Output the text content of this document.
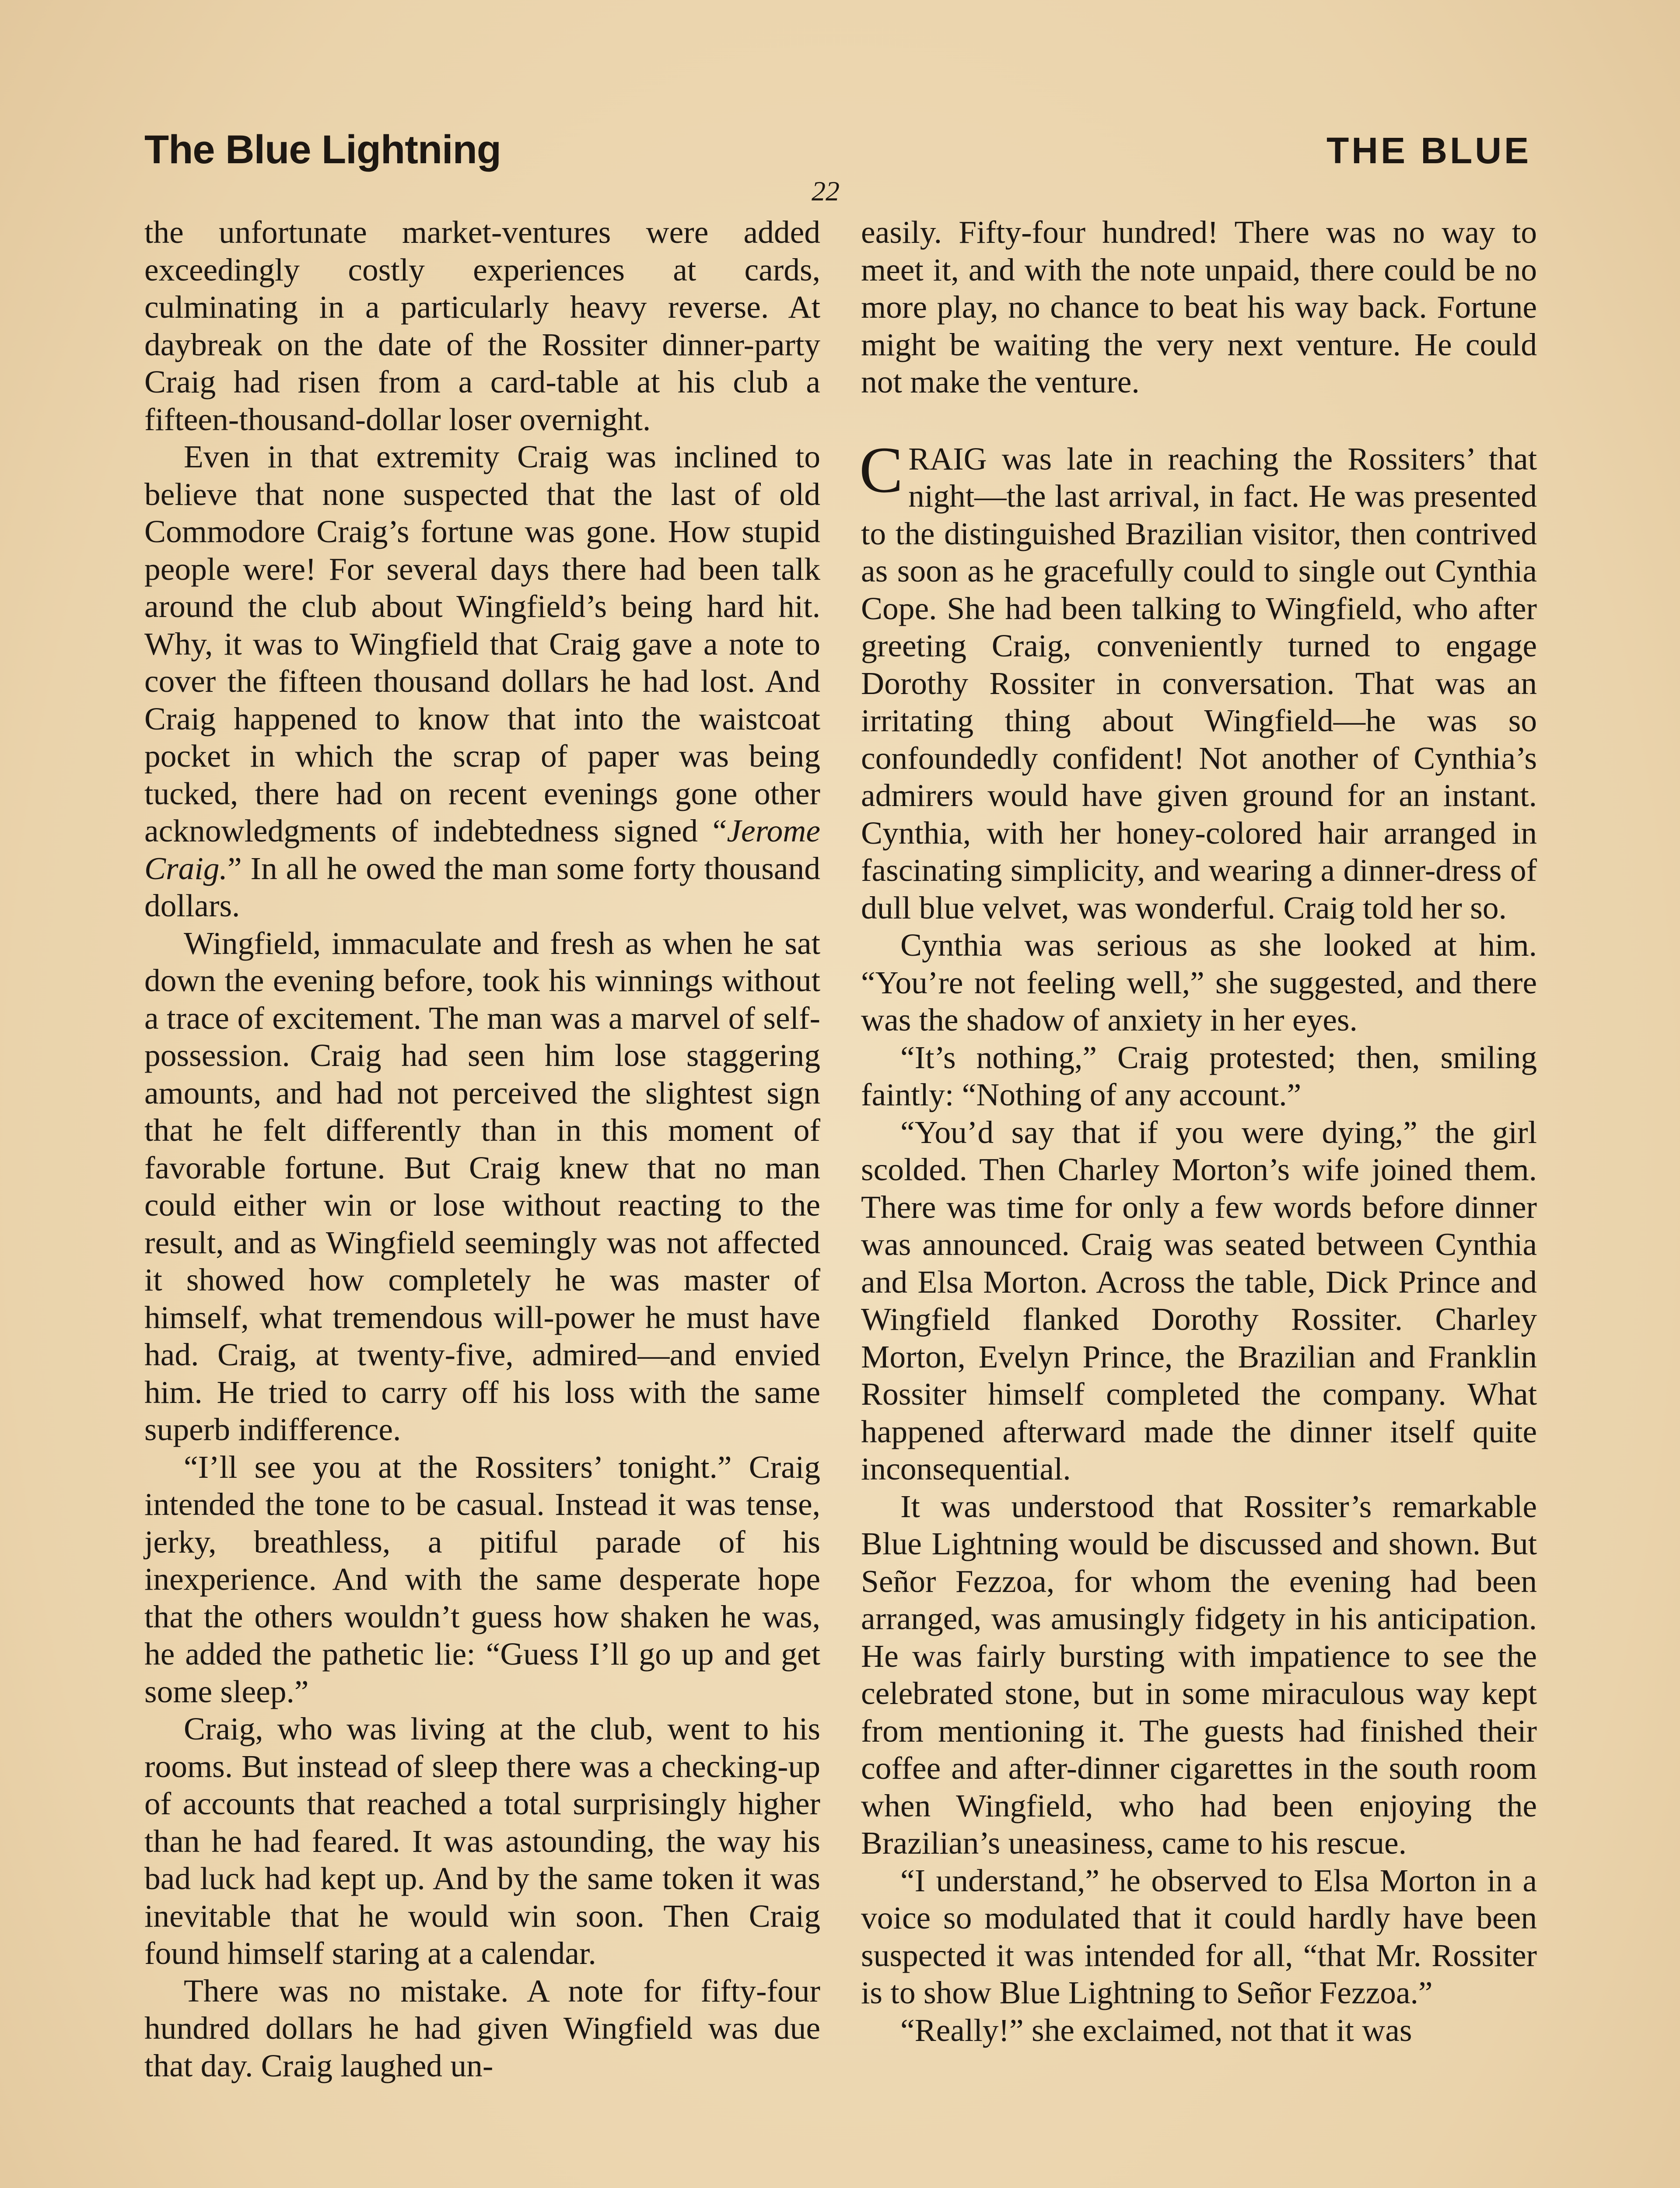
The Blue Lightning	THE BLUE
22

the unfortunate market-ventures were added exceedingly costly experiences at cards, culminating in a particularly heavy reverse. At daybreak on the date of the Rossiter dinner-party Craig had risen from a card-table at his club a fifteen-thousand-dollar loser overnight.

Even in that extremity Craig was inclined to believe that none suspected that the last of old Commodore Craig’s fortune was gone. How stupid people were! For several days there had been talk around the club about Wingfield’s being hard hit. Why, it was to Wingfield that Craig gave a note to cover the fifteen thousand dollars he had lost. And Craig happened to know that into the waistcoat pocket in which the scrap of paper was being tucked, there had on recent evenings gone other acknowledgments of indebtedness signed “Jerome Craig.” In all he owed the man some forty thousand dollars.

Wingfield, immaculate and fresh as when he sat down the evening before, took his winnings without a trace of excitement. The man was a marvel of self-possession. Craig had seen him lose staggering amounts, and had not perceived the slightest sign that he felt differently than in this moment of favorable fortune. But Craig knew that no man could either win or lose without reacting to the result, and as Wingfield seemingly was not affected it showed how completely he was master of himself, what tremendous will-power he must have had. Craig, at twenty-five, admired—and envied him. He tried to carry off his loss with the same superb indifference.

“I’ll see you at the Rossiters’ tonight.” Craig intended the tone to be casual. Instead it was tense, jerky, breathless, a pitiful parade of his inexperience. And with the same desperate hope that the others wouldn’t guess how shaken he was, he added the pathetic lie: “Guess I’ll go up and get some sleep.”

Craig, who was living at the club, went to his rooms. But instead of sleep there was a checking-up of accounts that reached a total surprisingly higher than he had feared. It was astounding, the way his bad luck had kept up. And by the same token it was inevitable that he would win soon. Then Craig found himself staring at a calendar.

There was no mistake. A note for fifty-four hundred dollars he had given Wingfield was due that day. Craig laughed un-

easily. Fifty-four hundred! There was no way to meet it, and with the note unpaid, there could be no more play, no chance to beat his way back. Fortune might be waiting the very next venture. He could not make the venture.

CRAIG was late in reaching the Rossiters’ that night—the last arrival, in fact. He was presented to the distinguished Brazilian visitor, then contrived as soon as he gracefully could to single out Cynthia Cope. She had been talking to Wingfield, who after greeting Craig, conveniently turned to engage Dorothy Rossiter in conversation. That was an irritating thing about Wingfield—he was so confoundedly confident! Not another of Cynthia’s admirers would have given ground for an instant. Cynthia, with her honey-colored hair arranged in fascinating simplicity, and wearing a dinner-dress of dull blue velvet, was wonderful. Craig told her so.

Cynthia was serious as she looked at him. “You’re not feeling well,” she suggested, and there was the shadow of anxiety in her eyes.

“It’s nothing,” Craig protested; then, smiling faintly: “Nothing of any account.”

“You’d say that if you were dying,” the girl scolded. Then Charley Morton’s wife joined them. There was time for only a few words before dinner was announced. Craig was seated between Cynthia and Elsa Morton. Across the table, Dick Prince and Wingfield flanked Dorothy Rossiter. Charley Morton, Evelyn Prince, the Brazilian and Franklin Rossiter himself completed the company. What happened afterward made the dinner itself quite inconsequential.

It was understood that Rossiter’s remarkable Blue Lightning would be discussed and shown. But Señor Fezzoa, for whom the evening had been arranged, was amusingly fidgety in his anticipation. He was fairly bursting with impatience to see the celebrated stone, but in some miraculous way kept from mentioning it. The guests had finished their coffee and after-dinner cigarettes in the south room when Wingfield, who had been enjoying the Brazilian’s uneasiness, came to his rescue.

“I understand,” he observed to Elsa Morton in a voice so modulated that it could hardly have been suspected it was intended for all, “that Mr. Rossiter is to show Blue Lightning to Señor Fezzoa.”

“Really!” she exclaimed, not that it was
